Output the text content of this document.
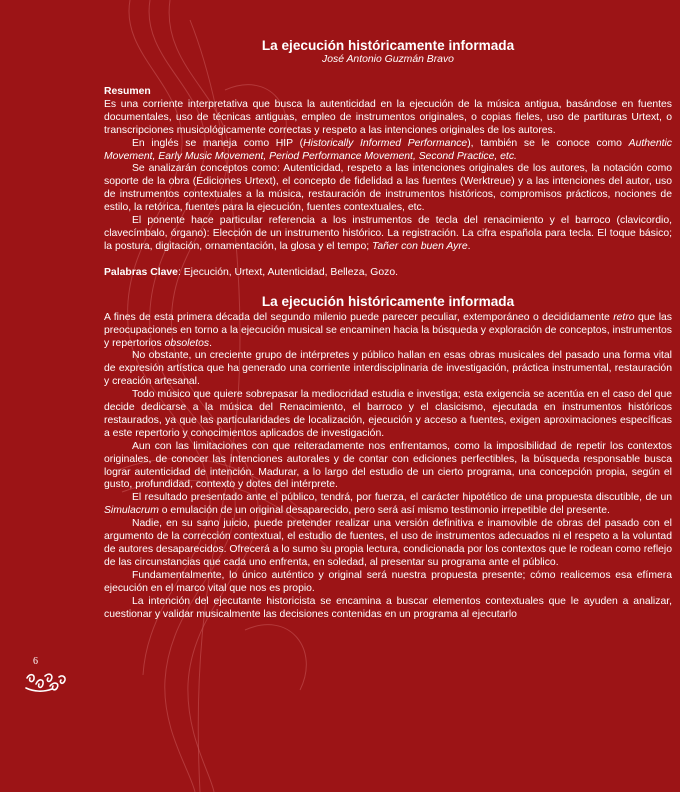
La ejecución históricamente informada
José Antonio Guzmán Bravo
Resumen

Es una corriente interpretativa que busca la autenticidad en la ejecución de la música antigua, basándose en fuentes documentales, uso de técnicas antiguas, empleo de instrumentos originales, o copias fieles, uso de partituras Urtext, o transcripciones musicológicamente correctas y respeto a las intenciones originales de los autores.

En inglés se maneja como HIP (Historically Informed Performance), también se le conoce como Authentic Movement, Early Music Movement, Period Performance Movement, Second Practice, etc.

Se analizarán conceptos como: Autenticidad, respeto a las intenciones originales de los autores, la notación como soporte de la obra (Ediciones Urtext), el concepto de fidelidad a las fuentes (Werktreue) y a las intenciones del autor, uso de instrumentos contextuales a la música, restauración de instrumentos históricos, compromisos prácticos, nociones de estilo, la retórica, fuentes para la ejecución, fuentes contextuales, etc.

El ponente hace particular referencia a los instrumentos de tecla del renacimiento y el barroco (clavicordio, clavecímbalo, órgano): Elección de un instrumento histórico. La registración. La cifra española para tecla. El toque básico; la postura, digitación, ornamentación, la glosa y el tempo; Tañer con buen Ayre.

Palabras Clave: Ejecución, Urtext, Autenticidad, Belleza, Gozo.

La ejecución históricamente informada

A fines de esta primera década del segundo milenio puede parecer peculiar, extemporáneo o decididamente retro que las preocupaciones en torno a la ejecución musical se encaminen hacia la búsqueda y exploración de conceptos, instrumentos y repertorios obsoletos.

No obstante, un creciente grupo de intérpretes y público hallan en esas obras musicales del pasado una forma vital de expresión artística que ha generado una corriente interdisciplinaria de investigación, práctica instrumental, restauración y creación artesanal.

Todo músico que quiere sobrepasar la mediocridad estudia e investiga; esta exigencia se acentúa en el caso del que decide dedicarse a la música del Renacimiento, el barroco y el clasicismo, ejecutada en instrumentos históricos restaurados, ya que las particularidades de localización, ejecución y acceso a fuentes, exigen aproximaciones específicas a este repertorio y conocimientos aplicados de investigación.

Aun con las limitaciones con que reiteradamente nos enfrentamos, como la imposibilidad de repetir los contextos originales, de conocer las intenciones autorales y de contar con ediciones perfectibles, la búsqueda responsable busca lograr autenticidad de intención. Madurar, a lo largo del estudio de un cierto programa, una concepción propia, según el gusto, profundidad, contexto y dotes del intérprete.

El resultado presentado ante el público, tendrá, por fuerza, el carácter hipotético de una propuesta discutible, de un Simulacrum o emulación de un original desaparecido, pero será así mismo testimonio irrepetible del presente.

Nadie, en su sano juicio, puede pretender realizar una versión definitiva e inamovible de obras del pasado con el argumento de la corrección contextual, el estudio de fuentes, el uso de instrumentos adecuados ni el respeto a la voluntad de autores desaparecidos. Ofrecerá a lo sumo su propia lectura, condicionada por los contextos que le rodean como reflejo de las circunstancias que cada uno enfrenta, en soledad, al presentar su programa ante el público.

Fundamentalmente, lo único auténtico y original será nuestra propuesta presente; cómo realicemos esa efímera ejecución en el marco vital que nos es propio.

La intención del ejecutante historicista se encamina a buscar elementos contextuales que le ayuden a analizar, cuestionar y validar musicalmente las decisiones contenidas en un programa al ejecutarlo

6
